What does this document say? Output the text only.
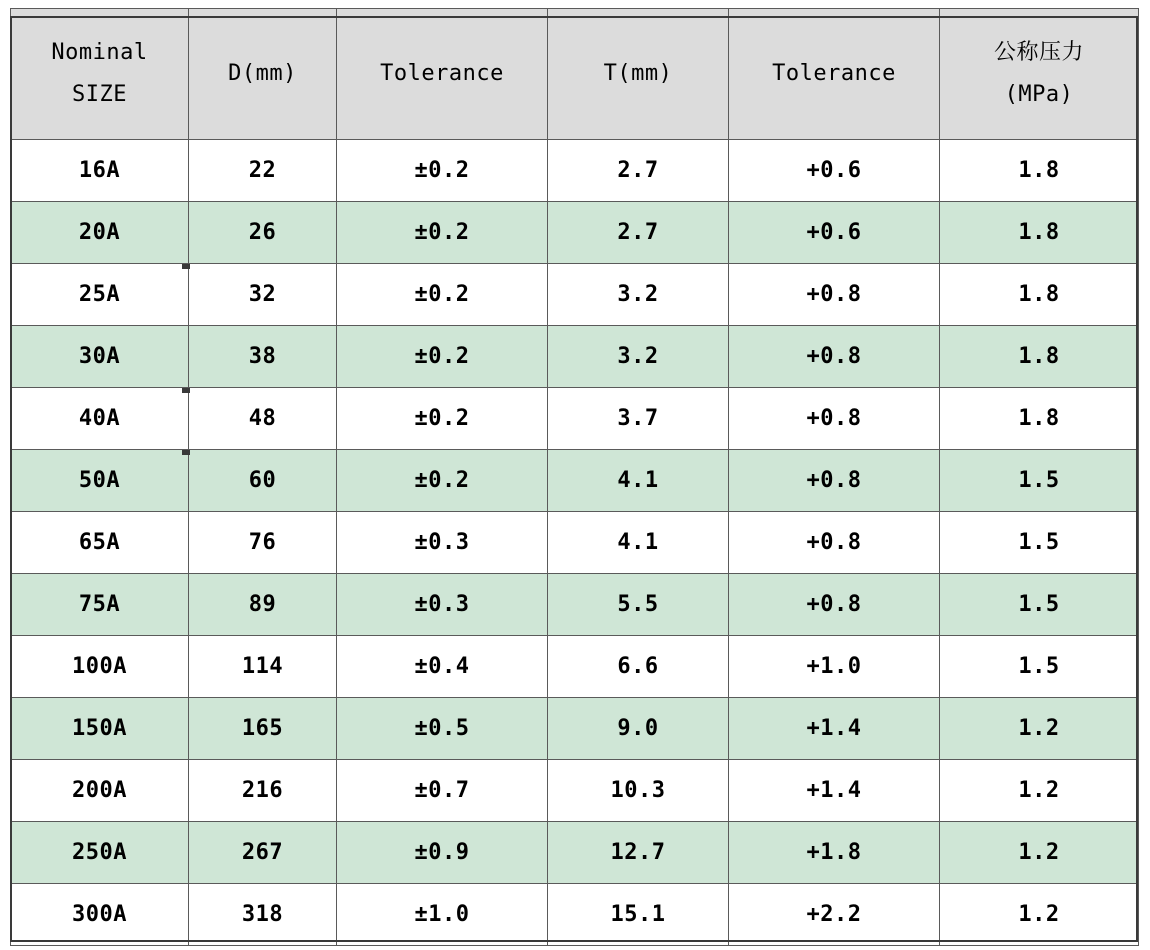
Nominal
SIZE	D(mm)	Tolerance	T(mm)	Tolerance	公称压力
(MPa)

16A	22	±0.2	2.7	+0.6	1.8
20A	26	±0.2	2.7	+0.6	1.8
25A	32	±0.2	3.2	+0.8	1.8
30A	38	±0.2	3.2	+0.8	1.8
40A	48	±0.2	3.7	+0.8	1.8
50A	60	±0.2	4.1	+0.8	1.5
65A	76	±0.3	4.1	+0.8	1.5
75A	89	±0.3	5.5	+0.8	1.5
100A	114	±0.4	6.6	+1.0	1.5
150A	165	±0.5	9.0	+1.4	1.2
200A	216	±0.7	10.3	+1.4	1.2
250A	267	±0.9	12.7	+1.8	1.2
300A	318	±1.0	15.1	+2.2	1.2
